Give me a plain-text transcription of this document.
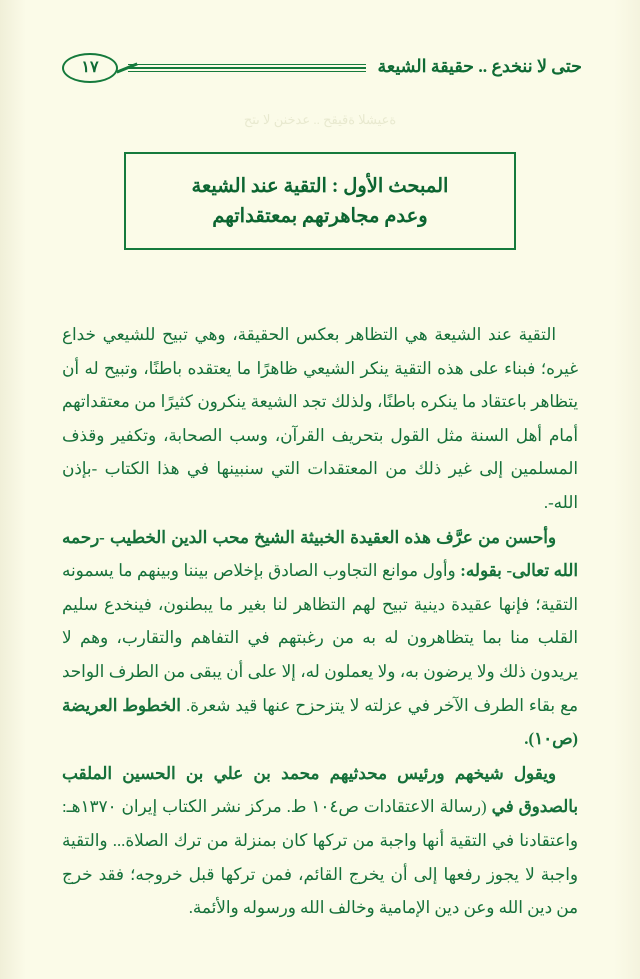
حتى لا ننخدع .. حقيقة الشيعة
١٧
ةعيشلا ةقيقح .. عدخنن لا ىتح
المبحث الأول : التقية عند الشيعة
وعدم مجاهرتهم بمعتقداتهم

التقية عند الشيعة هي التظاهر بعكس الحقيقة، وهي تبيح للشيعي خداع غيره؛ فبناء على هذه التقية ينكر الشيعي ظاهرًا ما يعتقده باطنًا، وتبيح له أن يتظاهر باعتقاد ما ينكره باطنًا، ولذلك تجد الشيعة ينكرون كثيرًا من معتقداتهم أمام أهل السنة مثل القول بتحريف القرآن، وسب الصحابة، وتكفير وقذف المسلمين إلى غير ذلك من المعتقدات التي سنبينها في هذا الكتاب -بإذن الله-.

وأحسن من عرَّف هذه العقيدة الخبيثة الشيخ محب الدين الخطيب -رحمه الله تعالى- بقوله: وأول موانع التجاوب الصادق بإخلاص بيننا وبينهم ما يسمونه التقية؛ فإنها عقيدة دينية تبيح لهم التظاهر لنا بغير ما يبطنون، فينخدع سليم القلب منا بما يتظاهرون له به من رغبتهم في التفاهم والتقارب، وهم لا يريدون ذلك ولا يرضون به، ولا يعملون له، إلا على أن يبقى من الطرف الواحد مع بقاء الطرف الآخر في عزلته لا يتزحزح عنها قيد شعرة. الخطوط العريضة (ص١٠).

ويقول شيخهم ورئيس محدثيهم محمد بن علي بن الحسين الملقب بالصدوق في (رسالة الاعتقادات ص١٠٤ ط. مركز نشر الكتاب إيران ١٣٧٠هـ: واعتقادنا في التقية أنها واجبة من تركها كان بمنزلة من ترك الصلاة... والتقية واجبة لا يجوز رفعها إلى أن يخرج القائم، فمن تركها قبل خروجه؛ فقد خرج من دين الله وعن دين الإمامية وخالف الله ورسوله والأئمة.
